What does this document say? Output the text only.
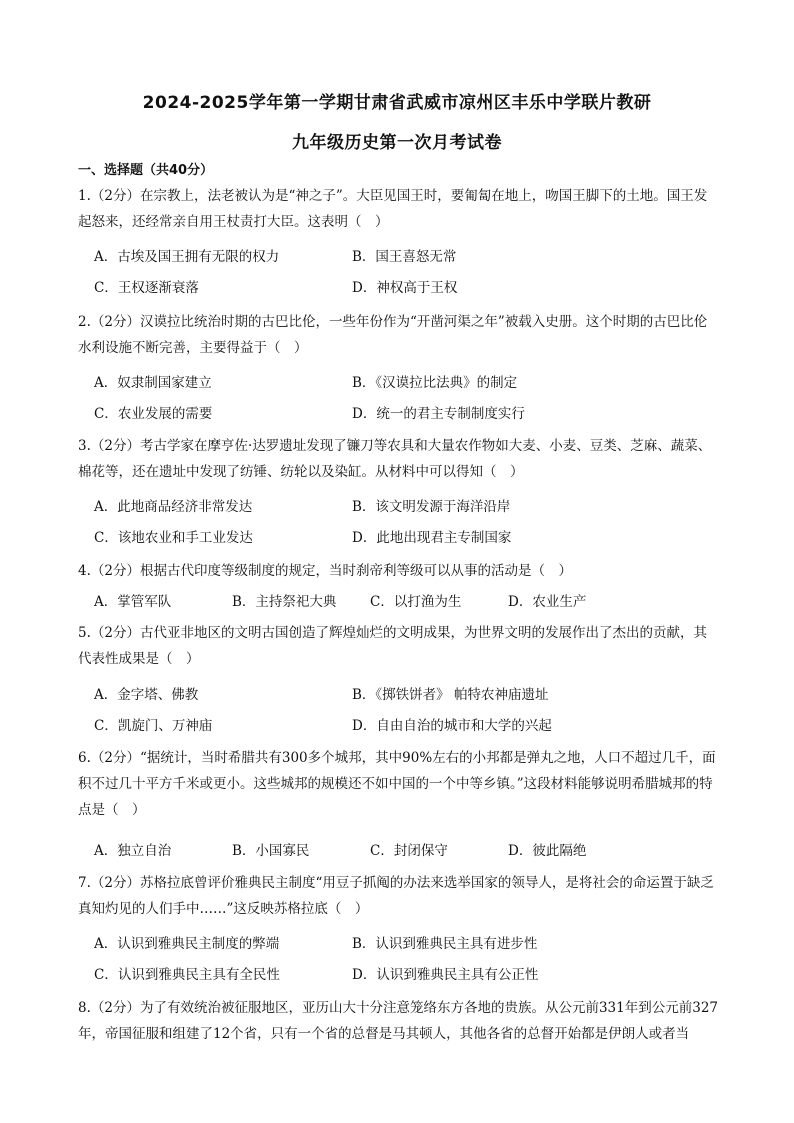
2024-2025学年第一学期甘肃省武威市凉州区丰乐中学联片教研
九年级历史第一次月考试卷
一、选择题（共40分）
1.（2分）在宗教上，法老被认为是“神之子”。大臣见国王时，要匍匐在地上，吻国王脚下的土地。国王发起怒来，还经常亲自用王杖责打大臣。这表明（　）
A．古埃及国王拥有无限的权力	B．国王喜怒无常
C．王权逐渐衰落	D．神权高于王权
2.（2分）汉谟拉比统治时期的古巴比伦，一些年份作为“开凿河渠之年”被载入史册。这个时期的古巴比伦水利设施不断完善，主要得益于（　）
A．奴隶制国家建立	B．《汉谟拉比法典》的制定
C．农业发展的需要	D．统一的君主专制制度实行
3.（2分）考古学家在摩亨佐·达罗遗址发现了镰刀等农具和大量农作物如大麦、小麦、豆类、芝麻、蔬菜、棉花等，还在遗址中发现了纺锤、纺轮以及染缸。从材料中可以得知（　）
A．此地商品经济非常发达	B．该文明发源于海洋沿岸
C．该地农业和手工业发达	D．此地出现君主专制国家
4.（2分）根据古代印度等级制度的规定，当时刹帝利等级可以从事的活动是（　）
A．掌管军队	B．主持祭祀大典	C．以打渔为生	D．农业生产
5.（2分）古代亚非地区的文明古国创造了辉煌灿烂的文明成果，为世界文明的发展作出了杰出的贡献，其代表性成果是（　）
A．金字塔、佛教	B．《掷铁饼者》 帕特农神庙遗址
C．凯旋门、万神庙	D．自由自治的城市和大学的兴起
6.（2分）“据统计，当时希腊共有300多个城邦，其中90%左右的小邦都是弹丸之地，人口不超过几千，面积不过几十平方千米或更小。这些城邦的规模还不如中国的一个中等乡镇。”这段材料能够说明希腊城邦的特点是（　）
A．独立自治	B．小国寡民	C．封闭保守	D．彼此隔绝
7.（2分）苏格拉底曾评价雅典民主制度“用豆子抓阄的办法来选举国家的领导人，是将社会的命运置于缺乏真知灼见的人们手中……”这反映苏格拉底（　）
A．认识到雅典民主制度的弊端	B．认识到雅典民主具有进步性
C．认识到雅典民主具有全民性	D．认识到雅典民主具有公正性
8.（2分）为了有效统治被征服地区，亚历山大十分注意笼络东方各地的贵族。从公元前331年到公元前327年，帝国征服和组建了12个省，只有一个省的总督是马其顿人，其他各省的总督开始都是伊朗人或者当
